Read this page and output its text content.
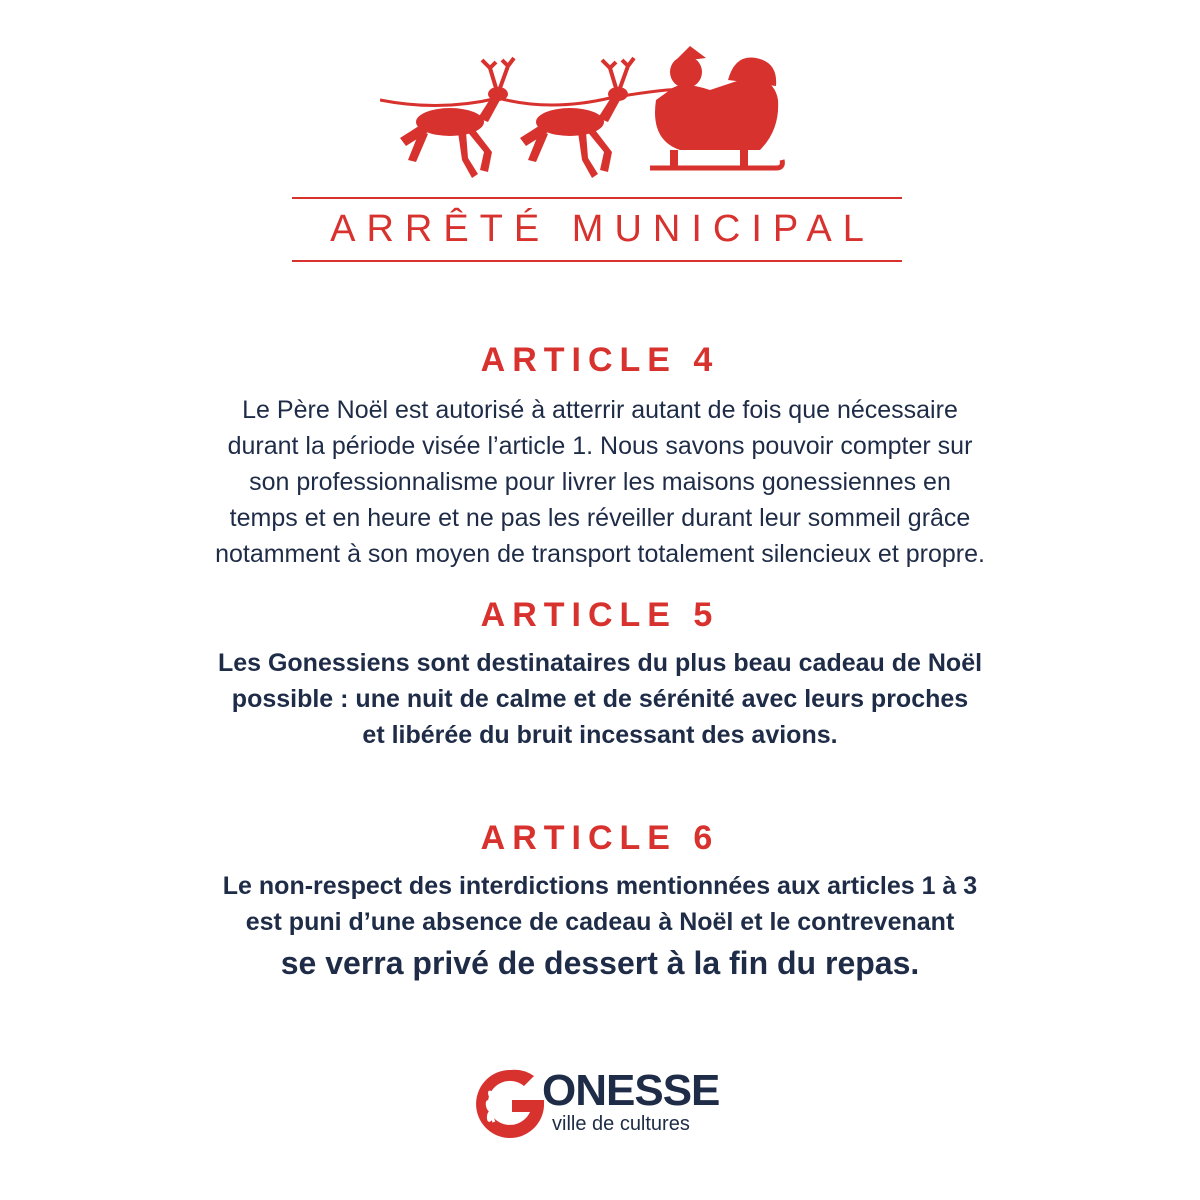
ARRÊTÉ MUNICIPAL
ARTICLE 4

Le Père Noël est autorisé à atterrir autant de fois que nécessaire
durant la période visée l’article 1. Nous savons pouvoir compter sur
son professionnalisme pour livrer les maisons gonessiennes en
temps et en heure et ne pas les réveiller durant leur sommeil grâce
notamment à son moyen de transport totalement silencieux et propre.

ARTICLE 5

Les Gonessiens sont destinataires du plus beau cadeau de Noël
possible : une nuit de calme et de sérénité avec leurs proches
et libérée du bruit incessant des avions.

ARTICLE 6

Le non-respect des interdictions mentionnées aux articles 1 à 3
est puni d’une absence de cadeau à Noël et le contrevenant
se verra privé de dessert à la fin du repas.

ONESSE
ville de cultures
